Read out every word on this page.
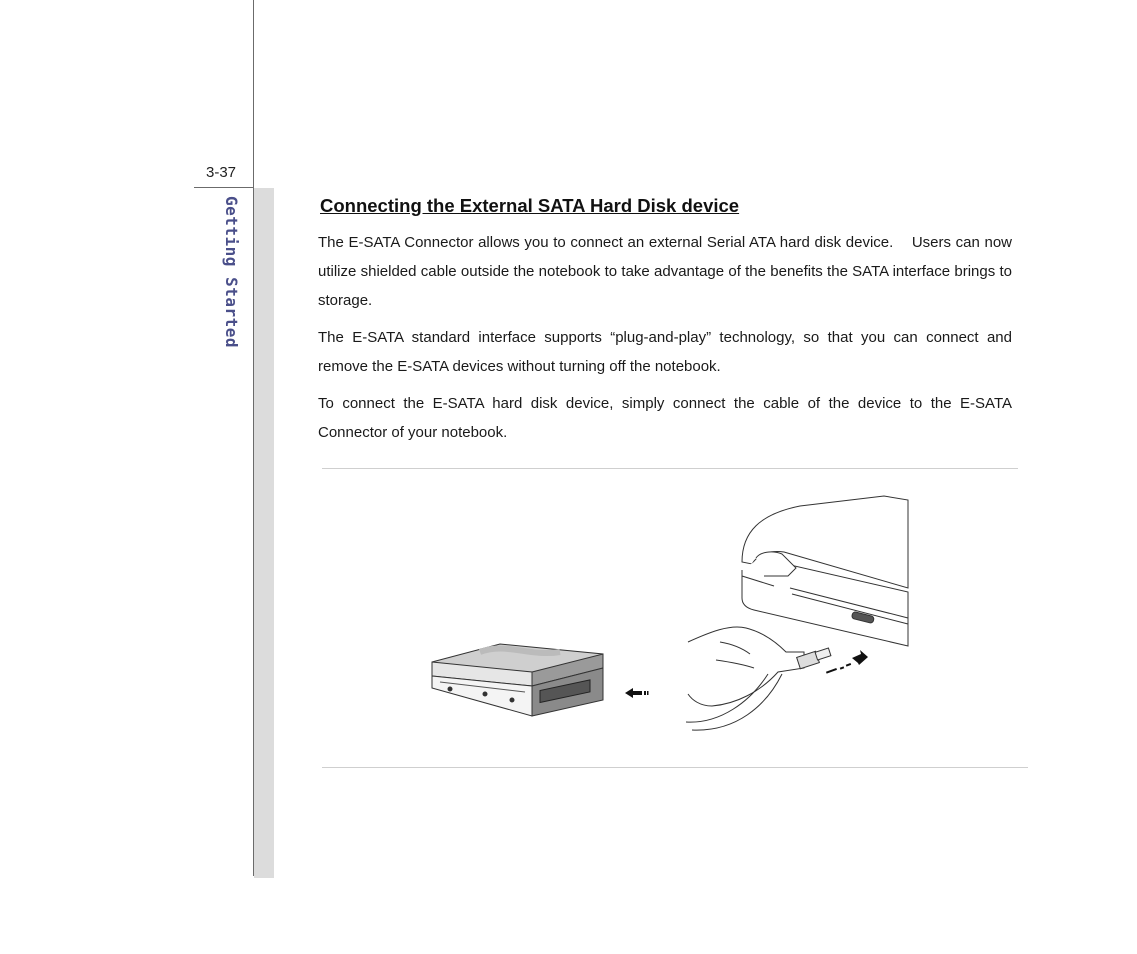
3-37
Getting Started	Connecting the External SATA Hard Disk device

The E-SATA Connector allows you to connect an external Serial ATA hard disk device.    Users can now utilize shielded cable outside the notebook to take advantage of the benefits the SATA interface brings to storage.

The E-SATA standard interface supports “plug-and-play” technology, so that you can connect and remove the E-SATA devices without turning off the notebook.

To connect the E-SATA hard disk device, simply connect the cable of the device to the E-SATA Connector of your notebook.
